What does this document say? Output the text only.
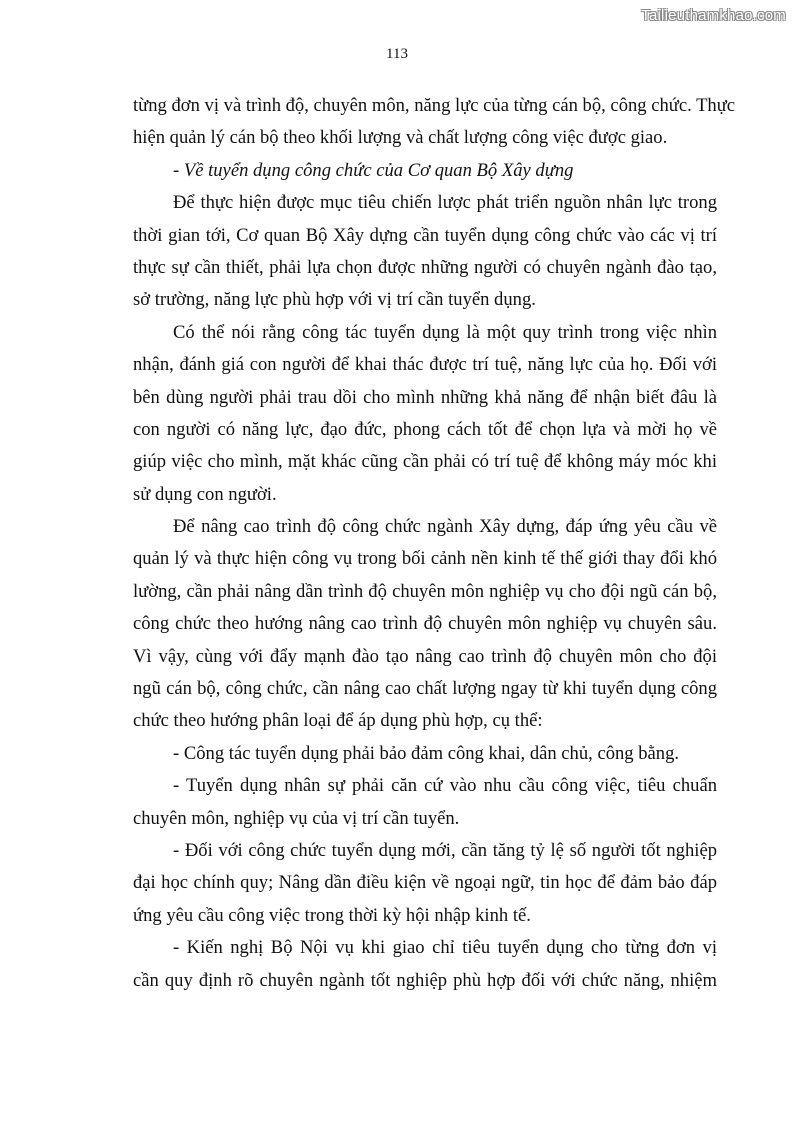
Tailieuthamkhao.com
113
từng đơn vị và trình độ, chuyên môn, năng lực của từng cán bộ, công chức. Thực
hiện quản lý cán bộ theo khối lượng và chất lượng công việc được giao.
- Về tuyển dụng công chức của Cơ quan Bộ Xây dựng
Để thực hiện được mục tiêu chiến lược phát triển nguồn nhân lực trong
thời gian tới, Cơ quan Bộ Xây dựng cần tuyển dụng công chức vào các vị trí
thực sự cần thiết, phải lựa chọn được những người có chuyên ngành đào tạo,
sở trường, năng lực phù hợp với vị trí cần tuyển dụng.
Có thể nói rằng công tác tuyển dụng là một quy trình trong việc nhìn
nhận, đánh giá con người để khai thác được trí tuệ, năng lực của họ. Đối với
bên dùng người phải trau dồi cho mình những khả năng để nhận biết đâu là
con người có năng lực, đạo đức, phong cách tốt để chọn lựa và mời họ về
giúp việc cho mình, mặt khác cũng cần phải có trí tuệ để không máy móc khi
sử dụng con người.
Để nâng cao trình độ công chức ngành Xây dựng, đáp ứng yêu cầu về
quản lý và thực hiện công vụ trong bối cảnh nền kinh tế thế giới thay đổi khó
lường, cần phải nâng dần trình độ chuyên môn nghiệp vụ cho đội ngũ cán bộ,
công chức theo hướng nâng cao trình độ chuyên môn nghiệp vụ chuyên sâu.
Vì vậy, cùng với đẩy mạnh đào tạo nâng cao trình độ chuyên môn cho đội
ngũ cán bộ, công chức, cần nâng cao chất lượng ngay từ khi tuyển dụng công
chức theo hướng phân loại để áp dụng phù hợp, cụ thể:
- Công tác tuyển dụng phải bảo đảm công khai, dân chủ, công bằng.
- Tuyển dụng nhân sự phải căn cứ vào nhu cầu công việc, tiêu chuẩn
chuyên môn, nghiệp vụ của vị trí cần tuyển.
- Đối với công chức tuyển dụng mới, cần tăng tỷ lệ số người tốt nghiệp
đại học chính quy; Nâng dần điều kiện về ngoại ngữ, tin học để đảm bảo đáp
ứng yêu cầu công việc trong thời kỳ hội nhập kinh tế.
- Kiến nghị Bộ Nội vụ khi giao chỉ tiêu tuyển dụng cho từng đơn vị
cần quy định rõ chuyên ngành tốt nghiệp phù hợp đối với chức năng, nhiệm
